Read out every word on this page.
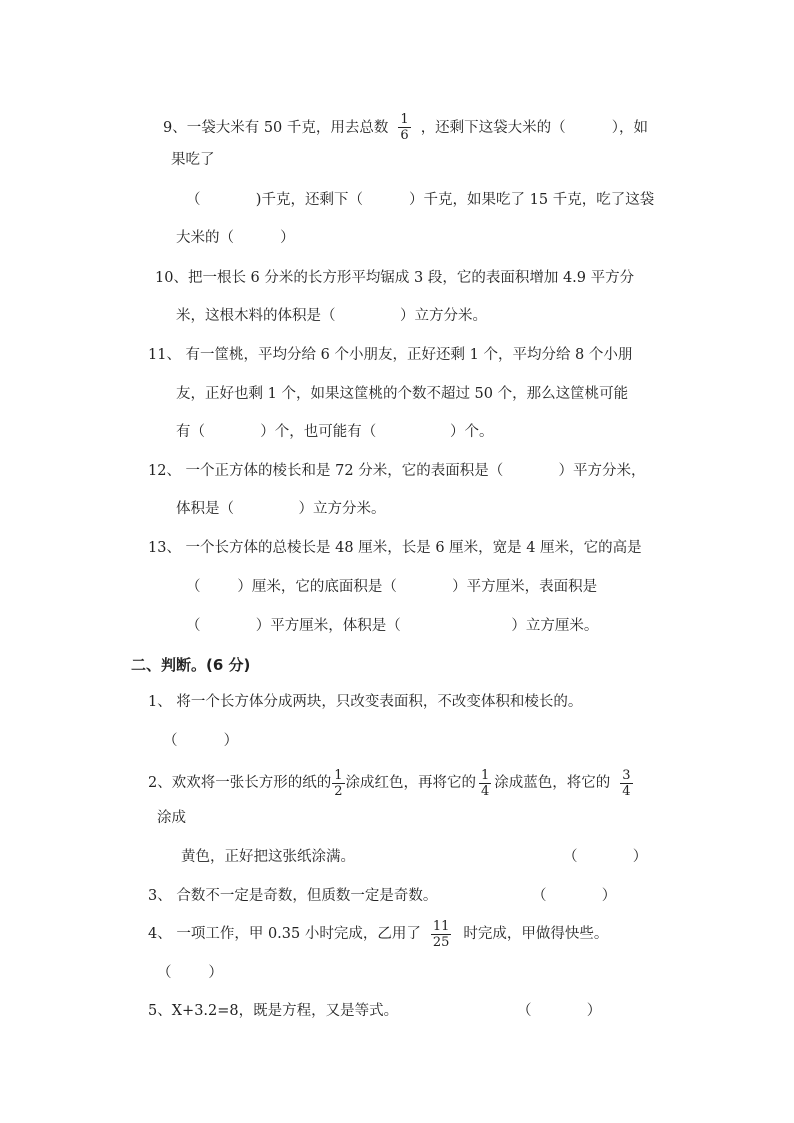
9、一袋大米有 50 千克，用去总数 $\frac{1}{6}$ ，还剩下这袋大米的（          ），如
果吃了
（            )千克，还剩下（          ）千克，如果吃了 15 千克，吃了这袋
大米的（          ）
10、把一根长 6 分米的长方形平均锯成 3 段，它的表面积增加 4.9 平方分
米，这根木料的体积是（              ）立方分米。
11、 有一筐桃，平均分给 6 个小朋友，正好还剩 1 个，平均分给 8 个小朋
友，正好也剩 1 个，如果这筐桃的个数不超过 50 个，那么这筐桃可能
有（            ）个，也可能有（                ）个。
12、 一个正方体的棱长和是 72 分米，它的表面积是（            ）平方分米，
体积是（              ）立方分米。
13、 一个长方体的总棱长是 48 厘米，长是 6 厘米，宽是 4 厘米，它的高是
（        ）厘米，它的底面积是（            ）平方厘米，表面积是
（            ）平方厘米，体积是（                        ）立方厘米。
二、判断。(6 分)
1、 将一个长方体分成两块，只改变表面积，不改变体积和棱长的。
（          ）
2、欢欢将一张长方形的纸的 $\frac{1}{2}$ 涂成红色，再将它的 $\frac{1}{4}$ 涂成蓝色，将它的 $\frac{3}{4}$
涂成
黄色，正好把这张纸涂满。	（            ）
3、 合数不一定是奇数，但质数一定是奇数。	（            ）
4、 一项工作，甲 0.35 小时完成，乙用了 $\frac{11}{25}$ 时完成，甲做得快些。
（        ）
5、X+3.2=8，既是方程，又是等式。	（            ）
